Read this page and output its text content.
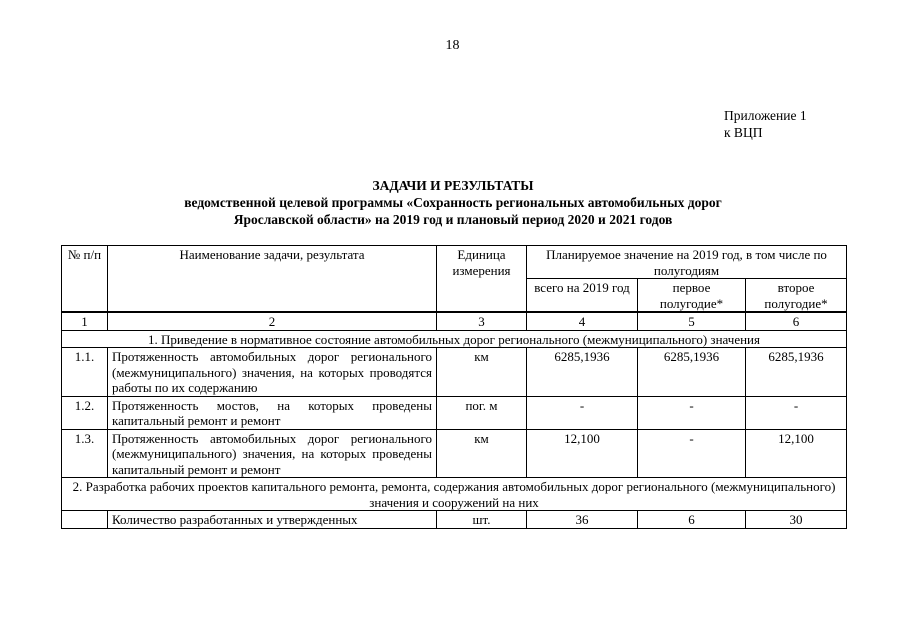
18
Приложение 1
к ВЦП
ЗАДАЧИ И РЕЗУЛЬТАТЫ
ведомственной целевой программы «Сохранность региональных автомобильных дорог
Ярославской области» на 2019 год и плановый период 2020 и 2021 годов
№ п/п	Наименование задачи, результата	Единица измерения	Планируемое значение на 2019 год, в том числе по полугодиям		
			всего на 2019 год	первое полугодие*	второе полугодие*
1	2	3	4	5	6
1. Приведение в нормативное состояние автомобильных дорог регионального (межмуниципального) значения					
1.1.	Протяженность автомобильных дорог регионального (межмуниципального) значения, на которых проводятся работы по их содержанию	км	6285,1936	6285,1936	6285,1936
1.2.	Протяженность мостов, на которых проведены капитальный ремонт и ремонт	пог. м	-	-	-
1.3.	Протяженность автомобильных дорог регионального (межмуниципального) значения, на которых проведены капитальный ремонт и ремонт	км	12,100	-	12,100
2. Разработка рабочих проектов капитального ремонта, ремонта, содержания автомобильных дорог регионального (межмуниципального) значения и сооружений на них					
	Количество разработанных и утвержденных	шт.	36	6	30
